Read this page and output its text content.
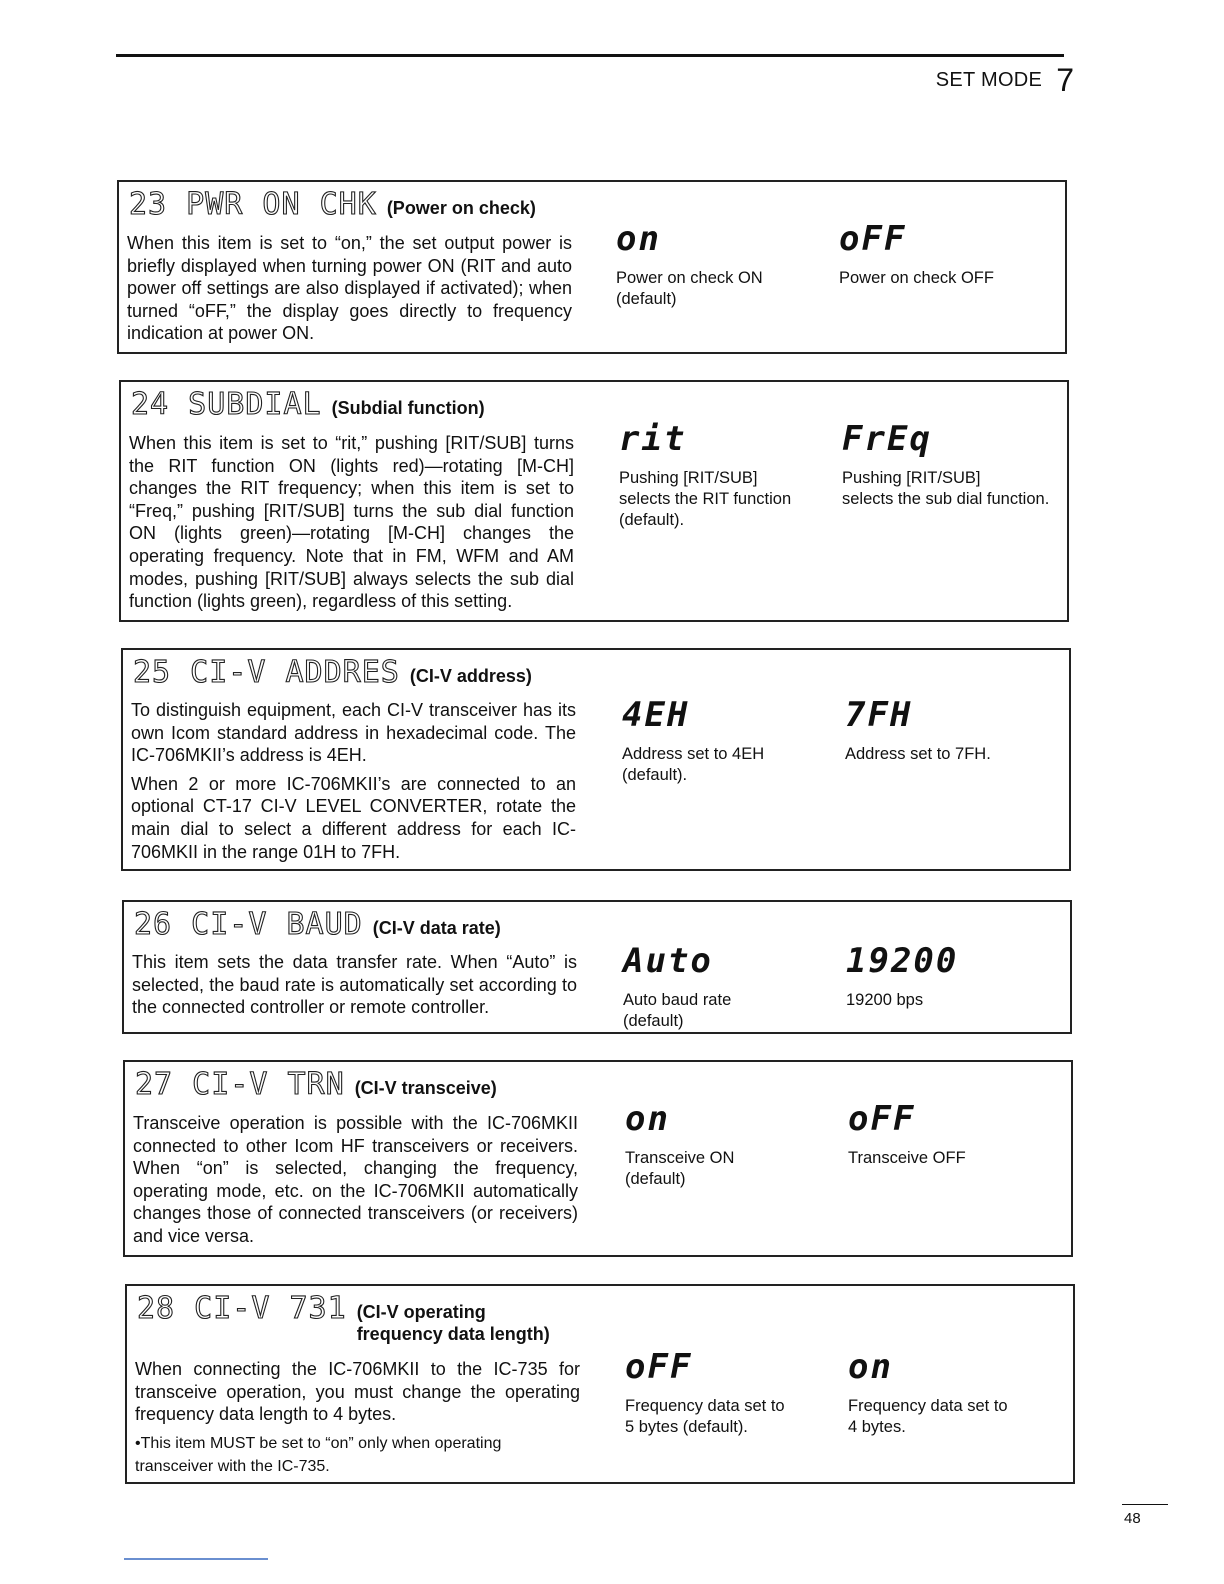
SET MODE 7
23 PWR ON CHK (Power on check)

When this item is set to “on,” the set output power is briefly displayed when turning power ON (RIT and auto power off settings are also displayed if activated); when turned “oFF,” the display goes directly to frequency indication at power ON.

on
Power on check ON
(default)
oFF
Power on check OFF
24 SUBDIAL (Subdial function)

When this item is set to “rit,” pushing [RIT/SUB] turns the RIT function ON (lights red)—rotating [M-CH] changes the RIT frequency; when this item is set to “Freq,” pushing [RIT/SUB] turns the sub dial function ON (lights green)—rotating [M-CH] changes the operating frequency. Note that in FM, WFM and AM modes, pushing [RIT/SUB] always selects the sub dial function (lights green), regardless of this setting.

rit
Pushing [RIT/SUB]
selects the RIT function
(default).
FrEq
Pushing [RIT/SUB]
selects the sub dial function.
25 CI-V ADDRES (CI-V address)

To distinguish equipment, each CI-V transceiver has its own Icom standard address in hexadecimal code. The IC-706MKII’s address is 4EH.

When 2 or more IC-706MKII’s are connected to an optional CT-17 CI-V LEVEL CONVERTER, rotate the main dial to select a different address for each IC-706MKII in the range 01H to 7FH.

4EH
Address set to 4EH
(default).
7FH
Address set to 7FH.
26 CI-V BAUD (CI-V data rate)

This item sets the data transfer rate. When “Auto” is selected, the baud rate is automatically set according to the connected controller or remote controller.

Auto
Auto baud rate
(default)
19200
19200 bps
27 CI-V TRN (CI-V transceive)

Transceive operation is possible with the IC-706MKII connected to other Icom HF transceivers or receivers. When “on” is selected, changing the frequency, operating mode, etc. on the IC-706MKII automatically changes those of connected transceivers (or receivers) and vice versa.

on
Transceive ON
(default)
oFF
Transceive OFF
28 CI-V 731 (CI-V operating frequency data length)

When connecting the IC-706MKII to the IC-735 for transceive operation, you must change the operating frequency data length to 4 bytes.

•This item MUST be set to “on” only when operating transceiver with the IC-735.

oFF
Frequency data set to
5 bytes (default).
on
Frequency data set to
4 bytes.
48
